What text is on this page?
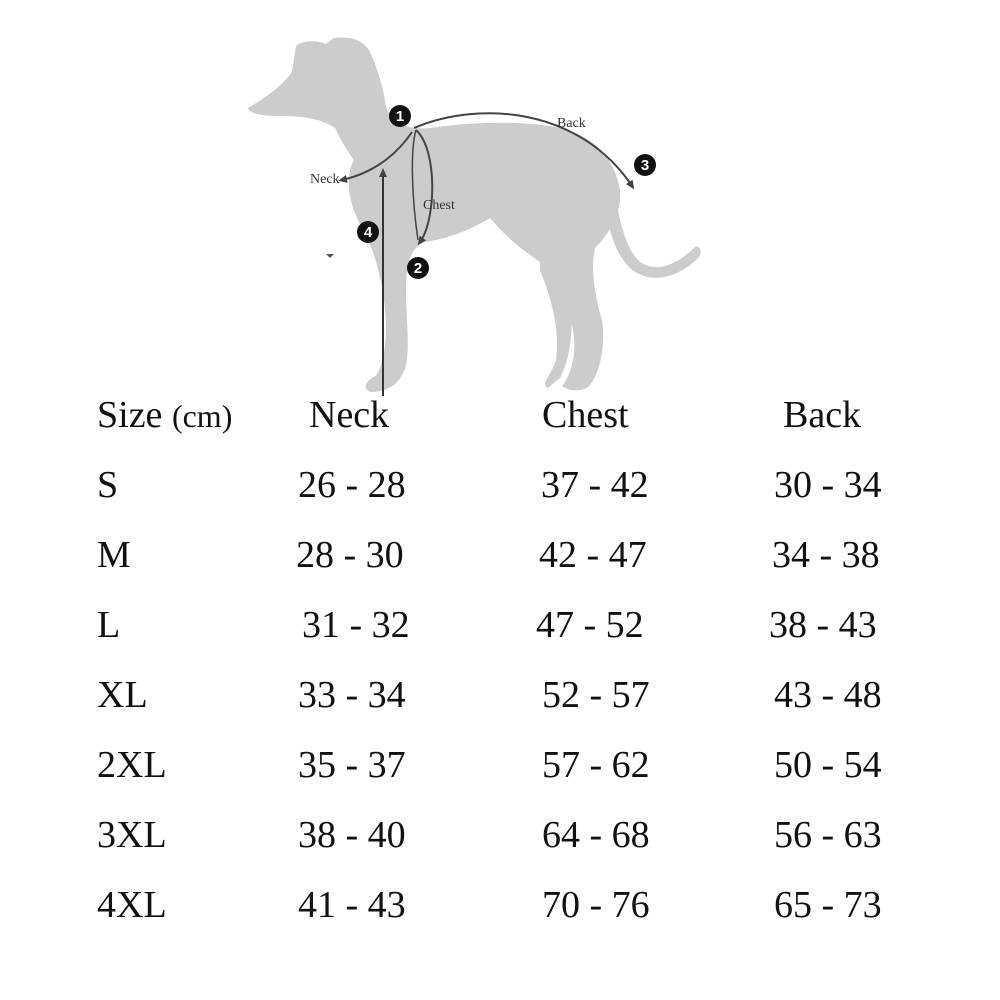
Neck
Chest
Back
1
2
3
4
Size (cm) Neck	Chest	Back
S	26 - 28	37 - 42	30 - 34
M	28 - 30	42 - 47	34 - 38
L	31 - 32	47 - 52	38 - 43
XL	33 - 34	52 - 57	43 - 48
2XL	35 - 37	57 - 62	50 - 54
3XL	38 - 40	64 - 68	56 - 63
4XL	41 - 43	70 - 76	65 - 73
